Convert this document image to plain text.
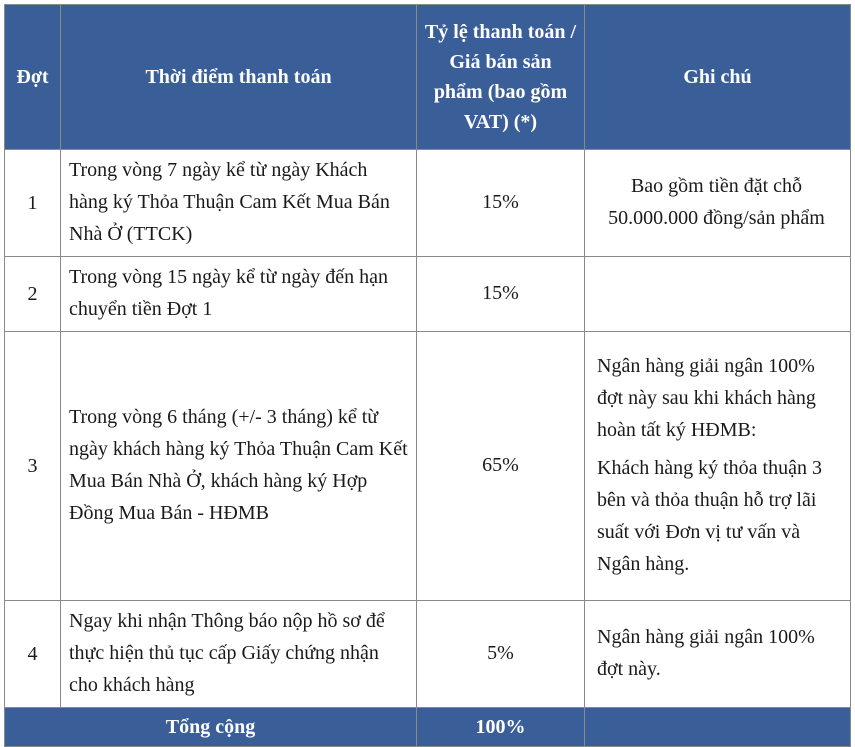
Đợt	Thời điểm thanh toán	Tỷ lệ thanh toán / Giá bán sản phẩm (bao gồm VAT) (*)	Ghi chú
1	Trong vòng 7 ngày kể từ ngày Khách hàng ký Thỏa Thuận Cam Kết Mua Bán Nhà Ở (TTCK)	15%	Bao gồm tiền đặt chỗ 50.000.000 đồng/sản phẩm
2	Trong vòng 15 ngày kể từ ngày đến hạn chuyển tiền Đợt 1	15%	
3	Trong vòng 6 tháng (+/- 3 tháng) kể từ ngày khách hàng ký Thỏa Thuận Cam Kết Mua Bán Nhà Ở, khách hàng ký Hợp Đồng Mua Bán - HĐMB	65%	Ngân hàng giải ngân 100% đợt này sau khi khách hàng hoàn tất ký HĐMB:
Khách hàng ký thỏa thuận 3 bên và thỏa thuận hỗ trợ lãi suất với Đơn vị tư vấn và Ngân hàng.

4	Ngay khi nhận Thông báo nộp hồ sơ để thực hiện thủ tục cấp Giấy chứng nhận cho khách hàng	5%	Ngân hàng giải ngân 100% đợt này.
Tổng cộng		100%	
